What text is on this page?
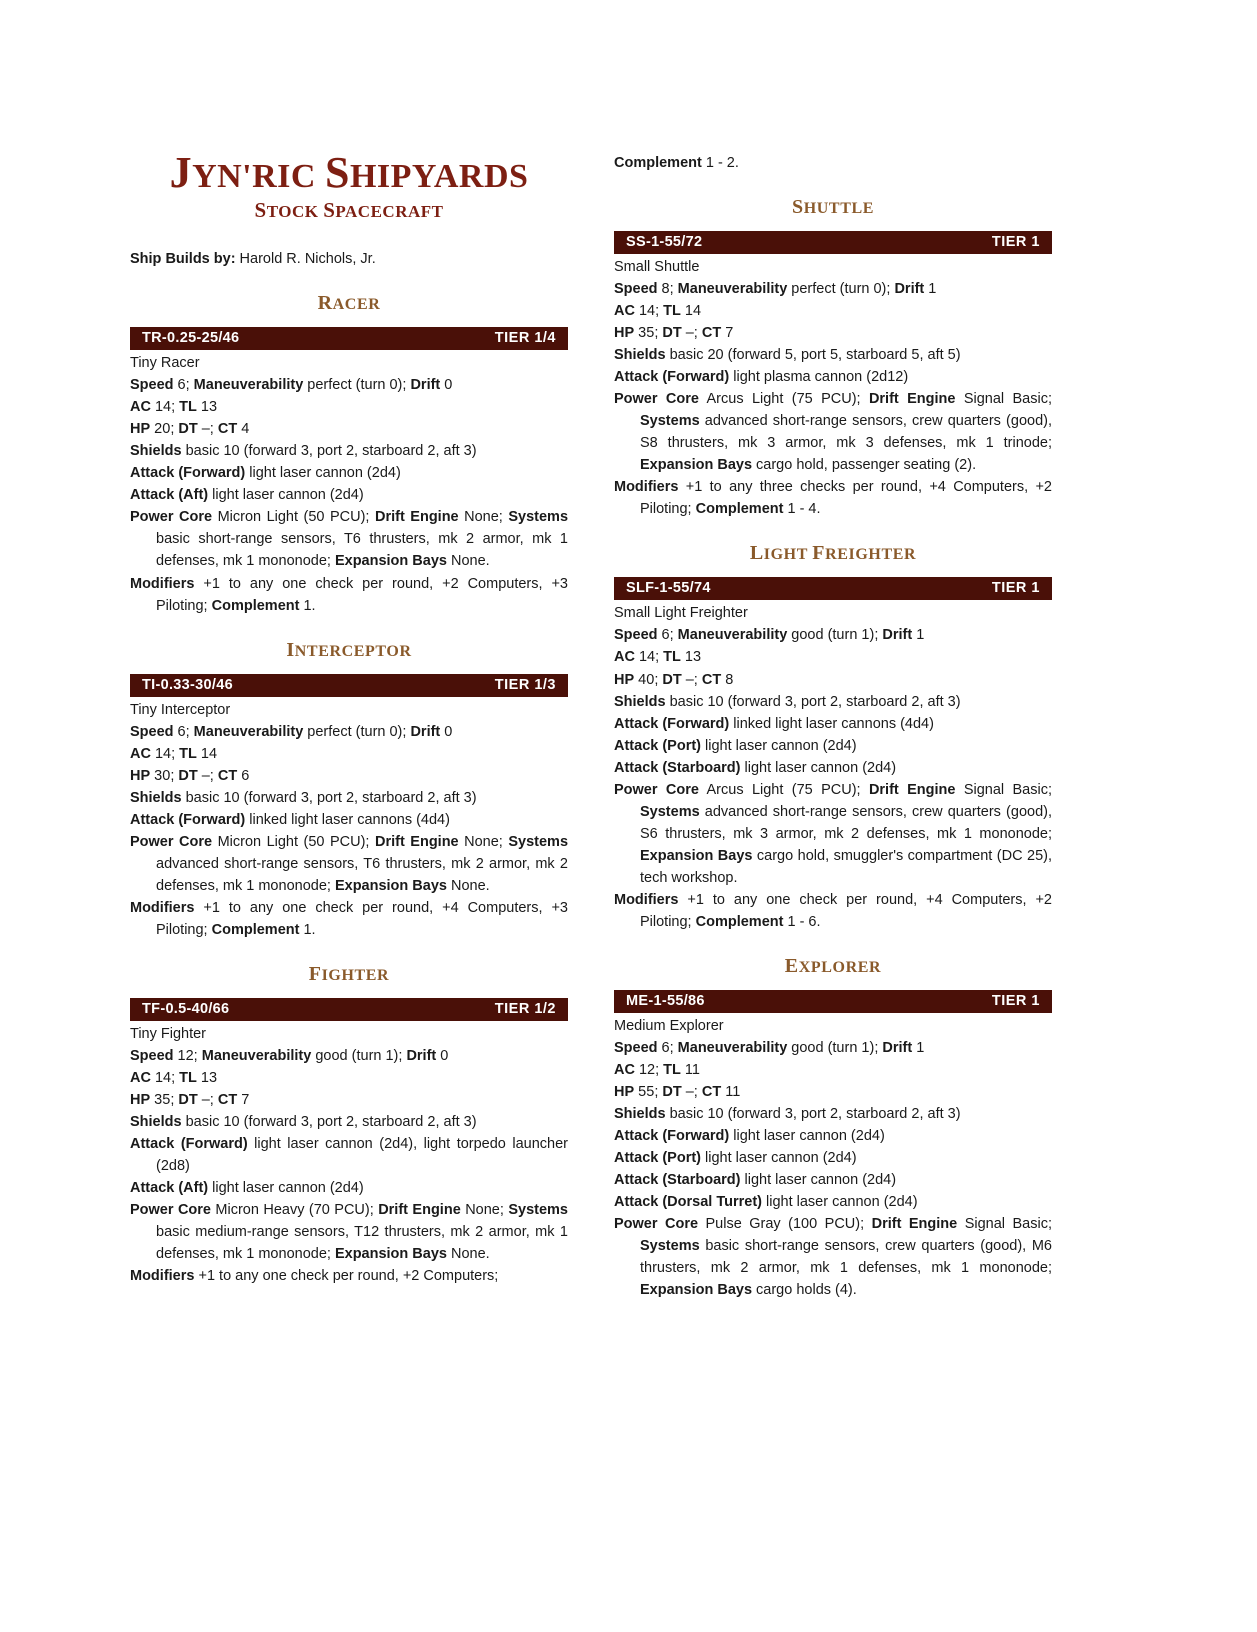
JYN'RIC SHIPYARDS
STOCK SPACECRAFT
Ship Builds by: Harold R. Nichols, Jr.
RACER
TR-0.25-25/46	TIER 1/4
Tiny Racer
Speed 6; Maneuverability perfect (turn 0); Drift 0
AC 14; TL 13
HP 20; DT –; CT 4
Shields basic 10 (forward 3, port 2, starboard 2, aft 3)
Attack (Forward) light laser cannon (2d4)
Attack (Aft) light laser cannon (2d4)
Power Core Micron Light (50 PCU); Drift Engine None; Systems basic short-range sensors, T6 thrusters, mk 2 armor, mk 1 defenses, mk 1 mononode; Expansion Bays None.
Modifiers +1 to any one check per round, +2 Computers, +3 Piloting; Complement 1.
INTERCEPTOR
TI-0.33-30/46	TIER 1/3
Tiny Interceptor
Speed 6; Maneuverability perfect (turn 0); Drift 0
AC 14; TL 14
HP 30; DT –; CT 6
Shields basic 10 (forward 3, port 2, starboard 2, aft 3)
Attack (Forward) linked light laser cannons (4d4)
Power Core Micron Light (50 PCU); Drift Engine None; Systems advanced short-range sensors, T6 thrusters, mk 2 armor, mk 2 defenses, mk 1 mononode; Expansion Bays None.
Modifiers +1 to any one check per round, +4 Computers, +3 Piloting; Complement 1.
FIGHTER
TF-0.5-40/66	TIER 1/2
Tiny Fighter
Speed 12; Maneuverability good (turn 1); Drift 0
AC 14; TL 13
HP 35; DT –; CT 7
Shields basic 10 (forward 3, port 2, starboard 2, aft 3)
Attack (Forward) light laser cannon (2d4), light torpedo launcher (2d8)
Attack (Aft) light laser cannon (2d4)
Power Core Micron Heavy (70 PCU); Drift Engine None; Systems basic medium-range sensors, T12 thrusters, mk 2 armor, mk 1 defenses, mk 1 mononode; Expansion Bays None.
Modifiers +1 to any one check per round, +2 Computers;
Complement 1 - 2.
SHUTTLE
SS-1-55/72	TIER 1
Small Shuttle
Speed 8; Maneuverability perfect (turn 0); Drift 1
AC 14; TL 14
HP 35; DT –; CT 7
Shields basic 20 (forward 5, port 5, starboard 5, aft 5)
Attack (Forward) light plasma cannon (2d12)
Power Core Arcus Light (75 PCU); Drift Engine Signal Basic; Systems advanced short-range sensors, crew quarters (good), S8 thrusters, mk 3 armor, mk 3 defenses, mk 1 trinode; Expansion Bays cargo hold, passenger seating (2).
Modifiers +1 to any three checks per round, +4 Computers, +2 Piloting; Complement 1 - 4.
LIGHT FREIGHTER
SLF-1-55/74	TIER 1
Small Light Freighter
Speed 6; Maneuverability good (turn 1); Drift 1
AC 14; TL 13
HP 40; DT –; CT 8
Shields basic 10 (forward 3, port 2, starboard 2, aft 3)
Attack (Forward) linked light laser cannons (4d4)
Attack (Port) light laser cannon (2d4)
Attack (Starboard) light laser cannon (2d4)
Power Core Arcus Light (75 PCU); Drift Engine Signal Basic; Systems advanced short-range sensors, crew quarters (good), S6 thrusters, mk 3 armor, mk 2 defenses, mk 1 mononode; Expansion Bays cargo hold, smuggler's compartment (DC 25), tech workshop.
Modifiers +1 to any one check per round, +4 Computers, +2 Piloting; Complement 1 - 6.
EXPLORER
ME-1-55/86	TIER 1
Medium Explorer
Speed 6; Maneuverability good (turn 1); Drift 1
AC 12; TL 11
HP 55; DT –; CT 11
Shields basic 10 (forward 3, port 2, starboard 2, aft 3)
Attack (Forward) light laser cannon (2d4)
Attack (Port) light laser cannon (2d4)
Attack (Starboard) light laser cannon (2d4)
Attack (Dorsal Turret) light laser cannon (2d4)
Power Core Pulse Gray (100 PCU); Drift Engine Signal Basic; Systems basic short-range sensors, crew quarters (good), M6 thrusters, mk 2 armor, mk 1 defenses, mk 1 mononode; Expansion Bays cargo holds (4).
